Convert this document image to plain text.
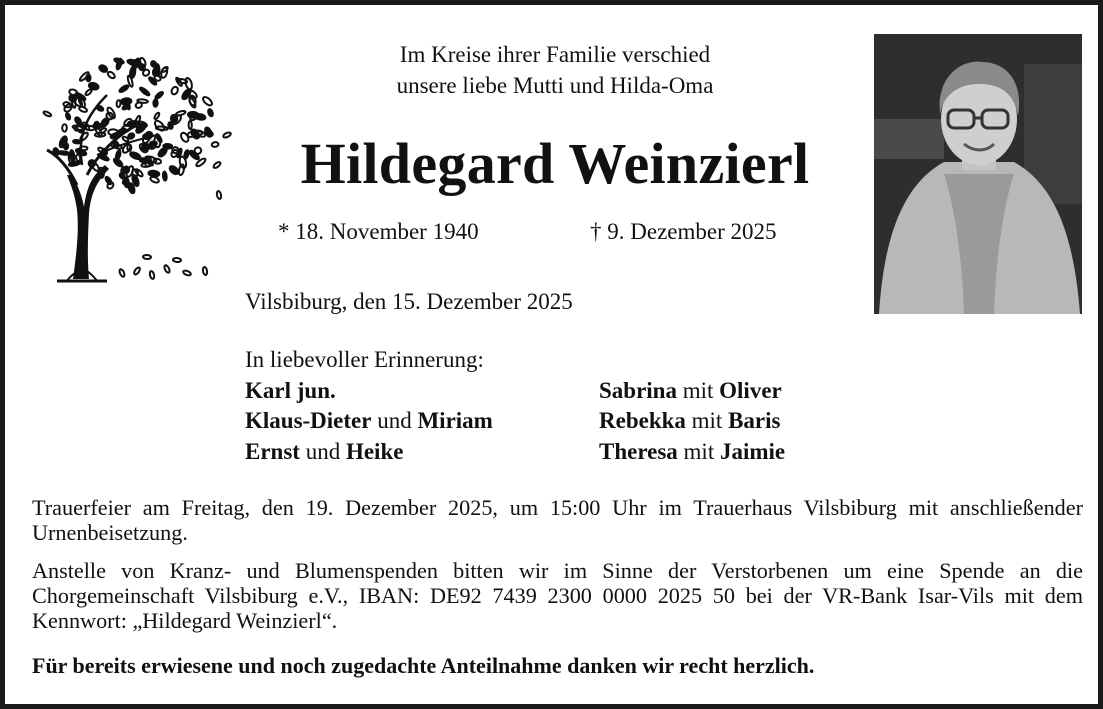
Im Kreise ihrer Familie verschied
unsere liebe Mutti und Hilda-Oma
Hildegard Weinzierl
* 18. November 1940	† 9. Dezember 2025
Vilsbiburg, den 15. Dezember 2025
In liebevoller Erinnerung:
Karl jun.
Klaus-Dieter und Miriam
Ernst und Heike
Sabrina mit Oliver
Rebekka mit Baris
Theresa mit Jaimie
Trauerfeier am Freitag, den 19. Dezember 2025, um 15:00 Uhr im Trauerhaus Vilsbiburg mit anschließender Urnenbeisetzung.
Anstelle von Kranz- und Blumenspenden bitten wir im Sinne der Verstorbenen um eine Spende an die Chorgemeinschaft Vilsbiburg e.V., IBAN: DE92 7439 2300 0000 2025 50 bei der VR-Bank Isar-Vils mit dem Kennwort: „Hildegard Weinzierl“.
Für bereits erwiesene und noch zugedachte Anteilnahme danken wir recht herzlich.
